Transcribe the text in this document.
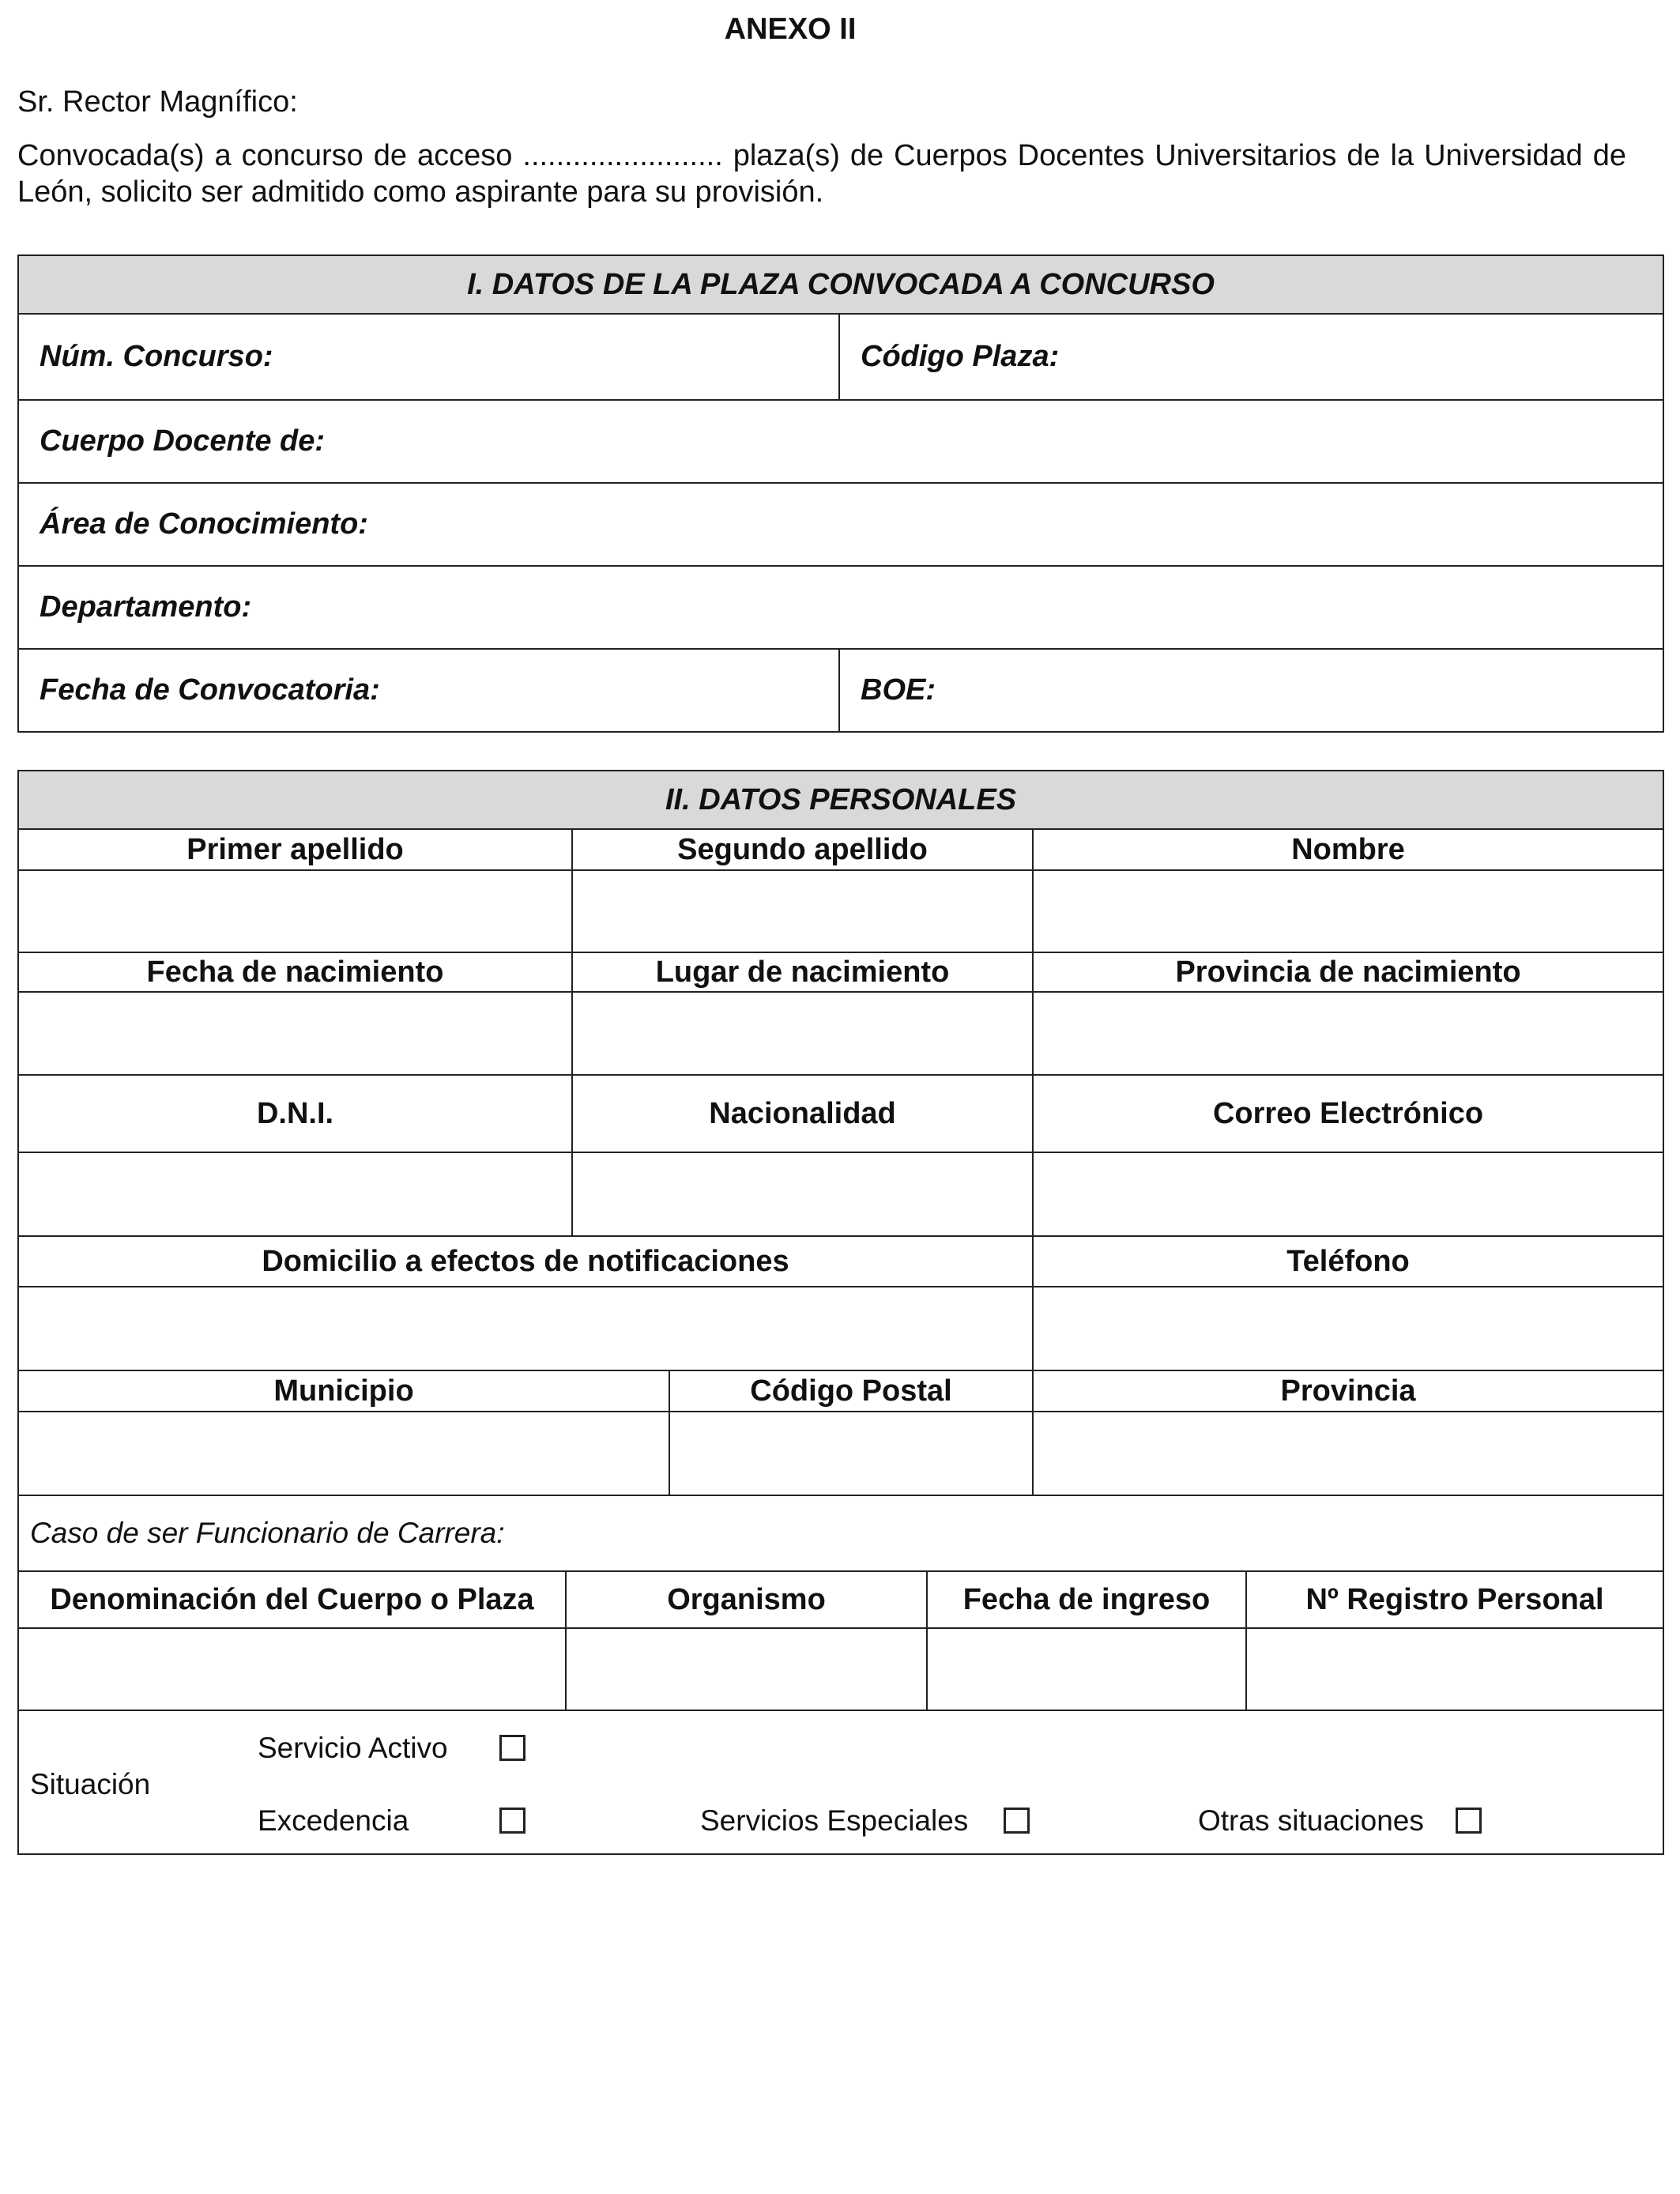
ANEXO II
Sr. Rector Magnífico:
Convocada(s) a concurso de acceso ........................ plaza(s) de Cuerpos Docentes Universitarios de la Universidad de León, solicito ser admitido como aspirante para su provisión.
I. DATOS DE LA PLAZA CONVOCADA A CONCURSO	
Núm. Concurso:	Código Plaza:
Cuerpo Docente de:	
Área de Conocimiento:	
Departamento:	
Fecha de Convocatoria:	BOE:
II. DATOS PERSONALES						
Primer apellido		Segundo apellido			Nombre	

Fecha de nacimiento		Lugar de nacimiento			Provincia de nacimiento	

D.N.I.		Nacionalidad			Correo Electrónico	

Domicilio a efectos de notificaciones					Teléfono	

Municipio			Código Postal		Provincia	

Caso de ser Funcionario de Carrera:						
Denominación del Cuerpo o Plaza	Organismo			Fecha de ingreso		Nº Registro Personal

Situación
Servicio Activo
Excedencia Servicios Especiales Otras situaciones						
